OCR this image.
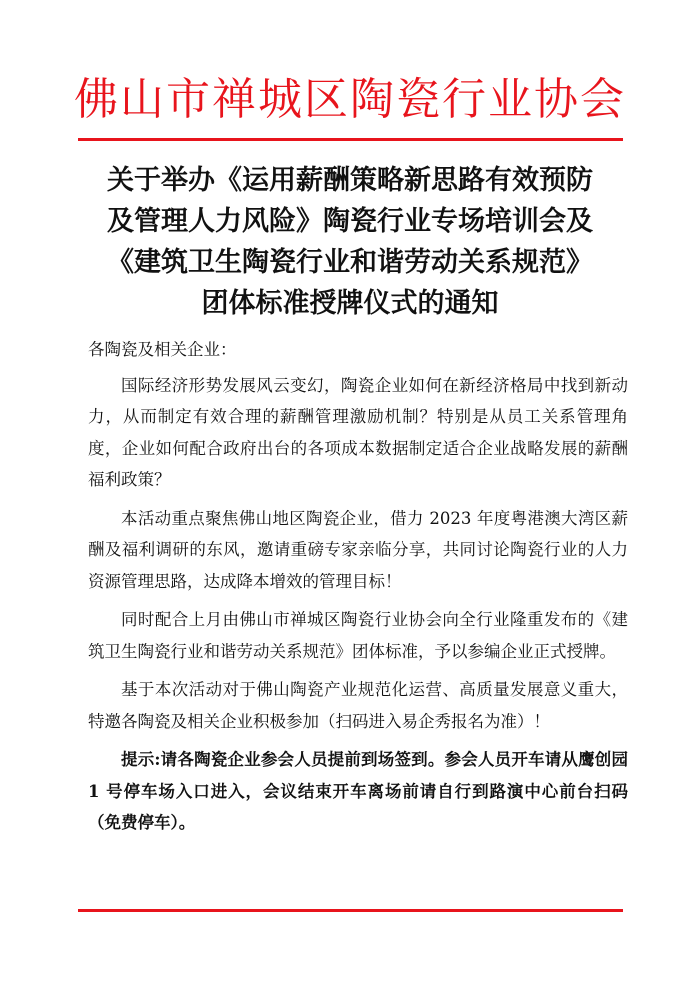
佛山市禅城区陶瓷行业协会
关于举办《运用薪酬策略新思路有效预防
及管理人力风险》陶瓷行业专场培训会及
《建筑卫生陶瓷行业和谐劳动关系规范》
团体标准授牌仪式的通知

各陶瓷及相关企业：

国际经济形势发展风云变幻，陶瓷企业如何在新经济格局中找到新动力，从而制定有效合理的薪酬管理激励机制？特别是从员工关系管理角度，企业如何配合政府出台的各项成本数据制定适合企业战略发展的薪酬福利政策？

本活动重点聚焦佛山地区陶瓷企业，借力 2023 年度粤港澳大湾区薪酬及福利调研的东风，邀请重磅专家亲临分享，共同讨论陶瓷行业的人力资源管理思路，达成降本增效的管理目标！

同时配合上月由佛山市禅城区陶瓷行业协会向全行业隆重发布的《建筑卫生陶瓷行业和谐劳动关系规范》团体标准，予以参编企业正式授牌。

基于本次活动对于佛山陶瓷产业规范化运营、高质量发展意义重大，特邀各陶瓷及相关企业积极参加（扫码进入易企秀报名为准）！

提示:请各陶瓷企业参会人员提前到场签到。参会人员开车请从鹰创园 1 号停车场入口进入，会议结束开车离场前请自行到路演中心前台扫码（免费停车）。
